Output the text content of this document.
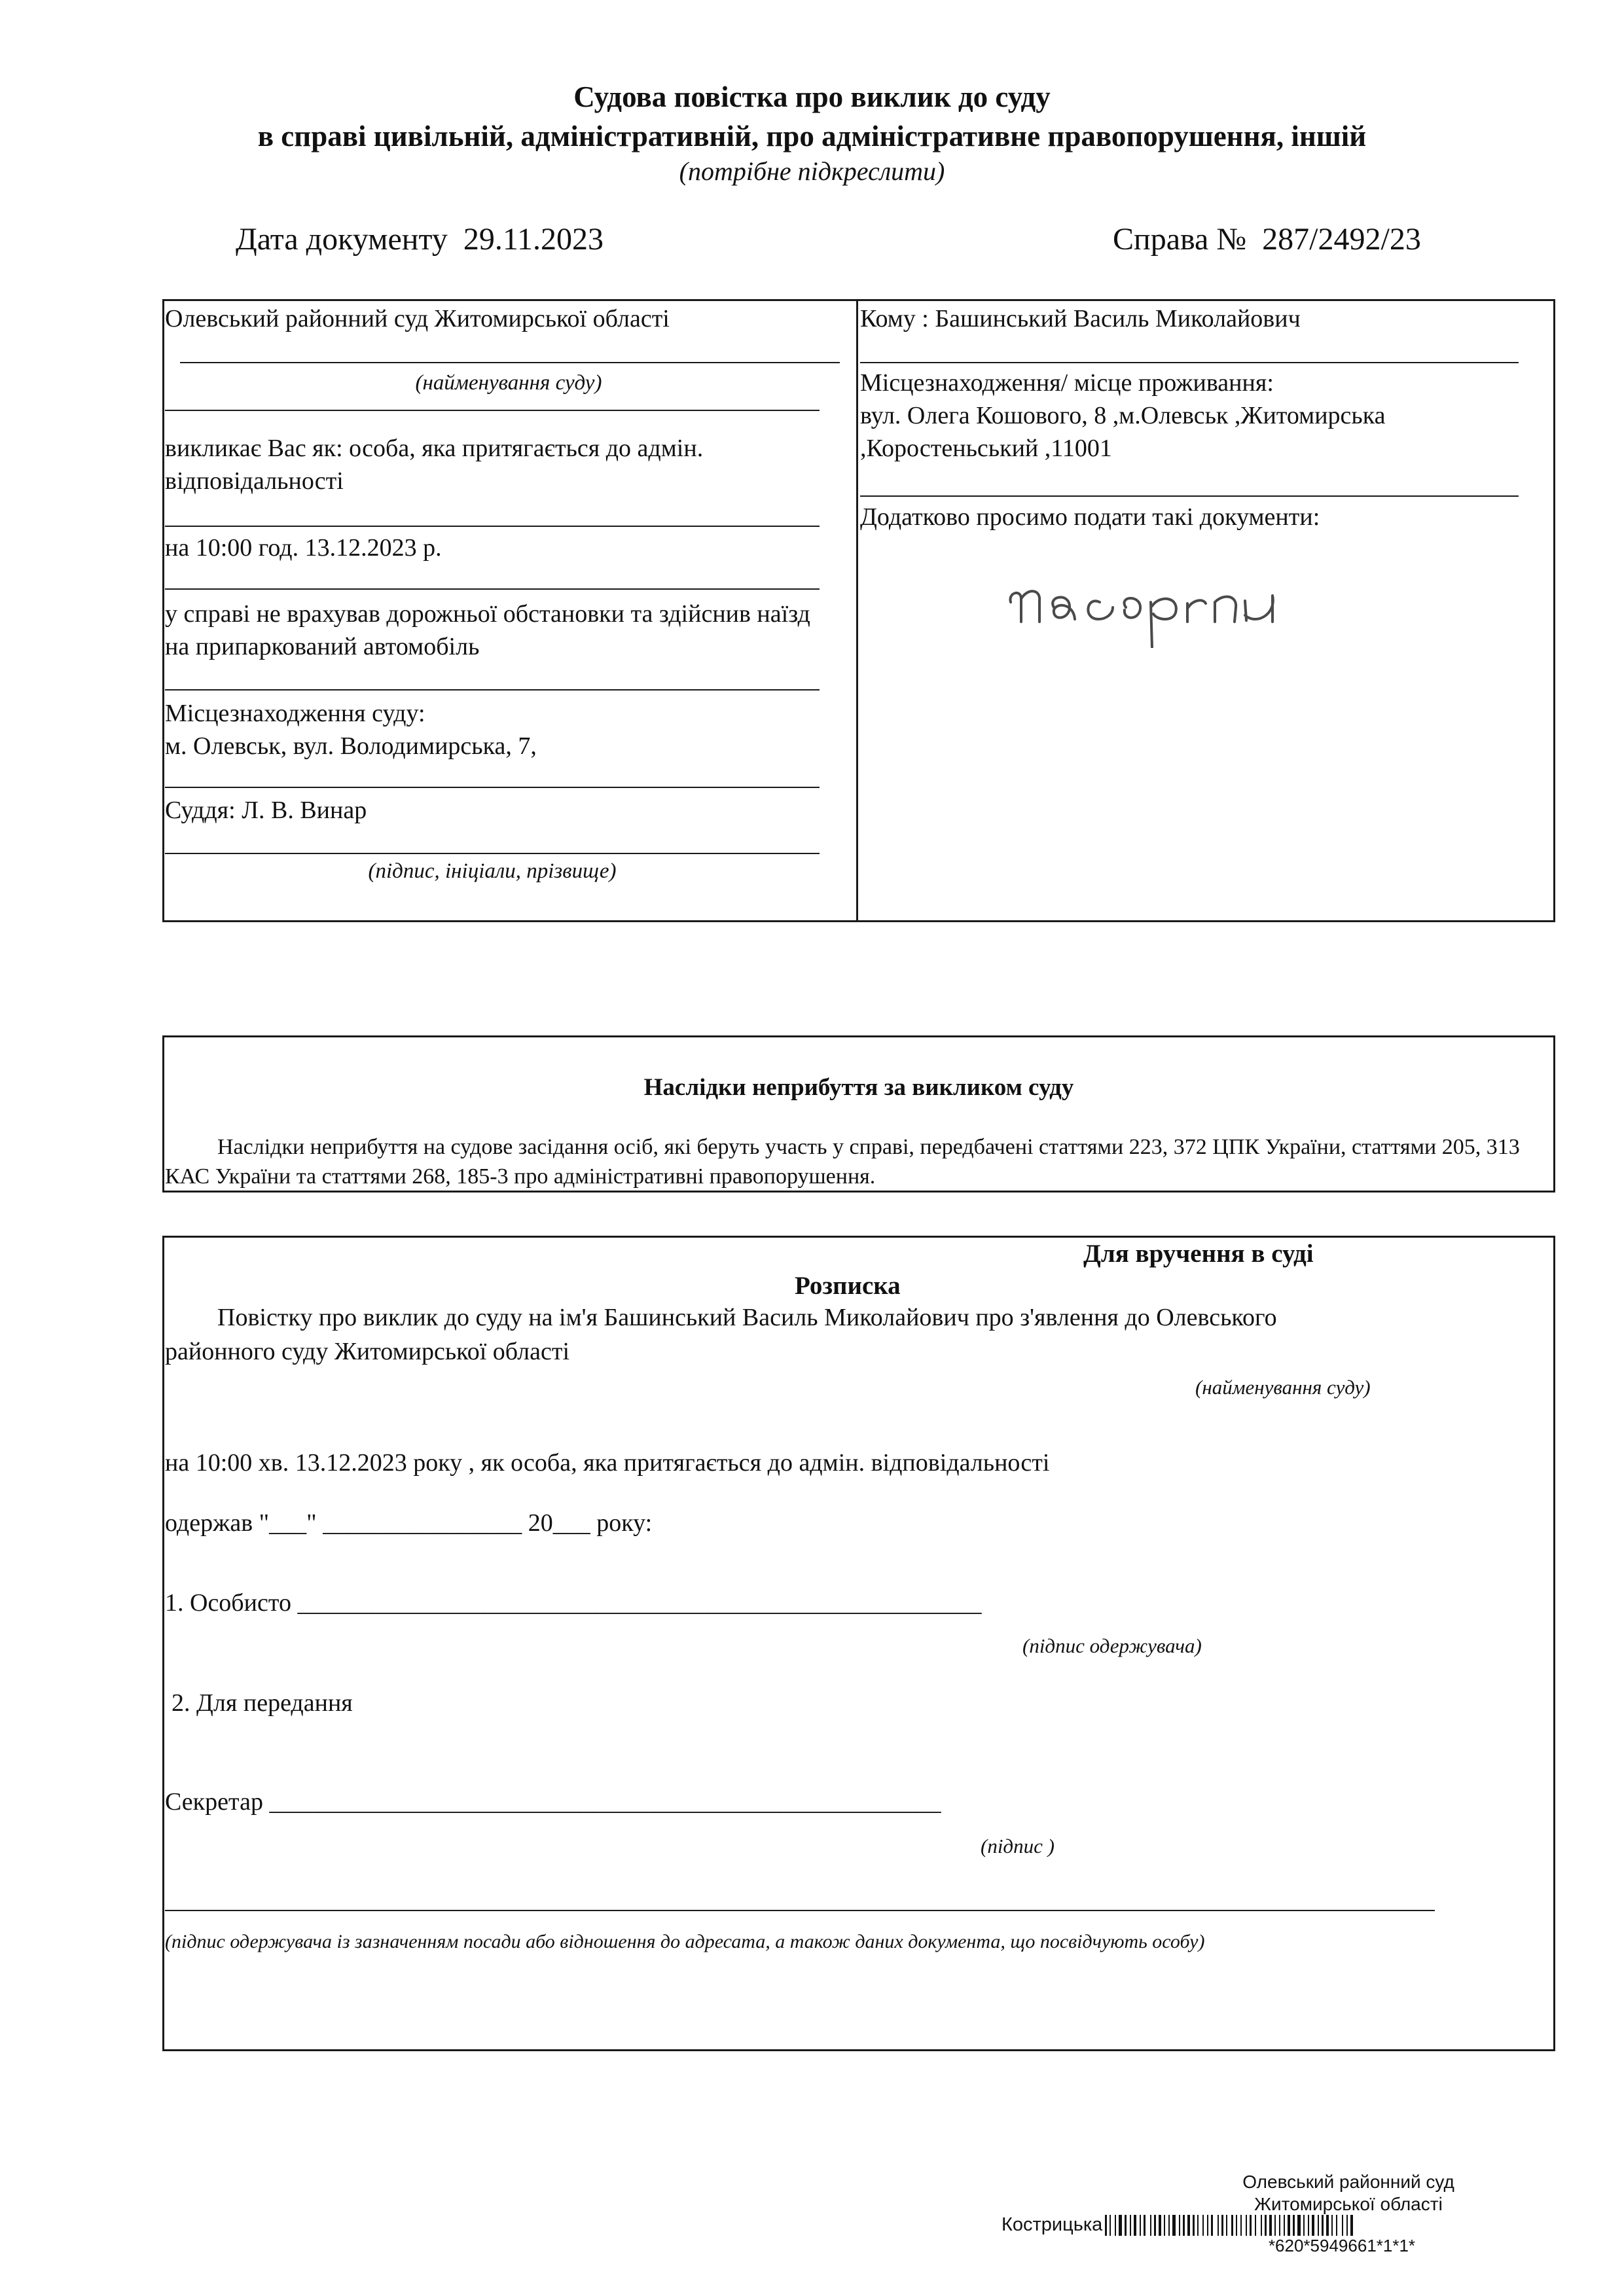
Судова повістка про виклик до суду
в справі цивільній, адміністративній, про адміністративне правопорушення, іншій
(потрібне підкреслити)
Дата документу 29.11.2023	Справа № 287/2492/23
Олевський районний суд Житомирської області
(найменування суду)
викликає Вас як: особа, яка притягається до адмін. відповідальності
на 10:00 год. 13.12.2023 р.
у справі не врахував дорожньої обстановки та здійснив наїзд на припаркований автомобіль
Місцезнаходження суду:
м. Олевськ, вул. Володимирська, 7,
Суддя: Л. В. Винар
(підпис, ініціали, прізвище)
Кому : Башинський Василь Миколайович
Місцезнаходження/ місце проживання:
вул. Олега Кошового, 8 ,м.Олевськ ,Житомирська
,Коростеньський ,11001
Додатково просимо подати такі документи:
Наслідки неприбуття за викликом суду
Наслідки неприбуття на судове засідання осіб, які беруть участь у справі, передбачені статтями 223, 372 ЦПК України, статтями 205, 313 КАС України та статтями 268, 185-3 про адміністративні правопорушення.
Для вручення в суді
Розписка
Повістку про виклик до суду на ім'я Башинський Василь Миколайович про з'явлення до Олевського
районного суду Житомирської області
(найменування суду)
на 10:00 хв. 13.12.2023 року , як особа, яка притягається до адмін. відповідальності
одержав "___" ________________ 20___ року:
1. Особисто _______________________________________________________
(підпис одержувача)
2. Для передання
Секретар ______________________________________________________
(підпис )
(підпис одержувача із зазначенням посади або відношення до адресата, а також даних документа, що посвідчують особу)
Олевський районний суд
Житомирської області
Кострицька
*620*5949661*1*1*
